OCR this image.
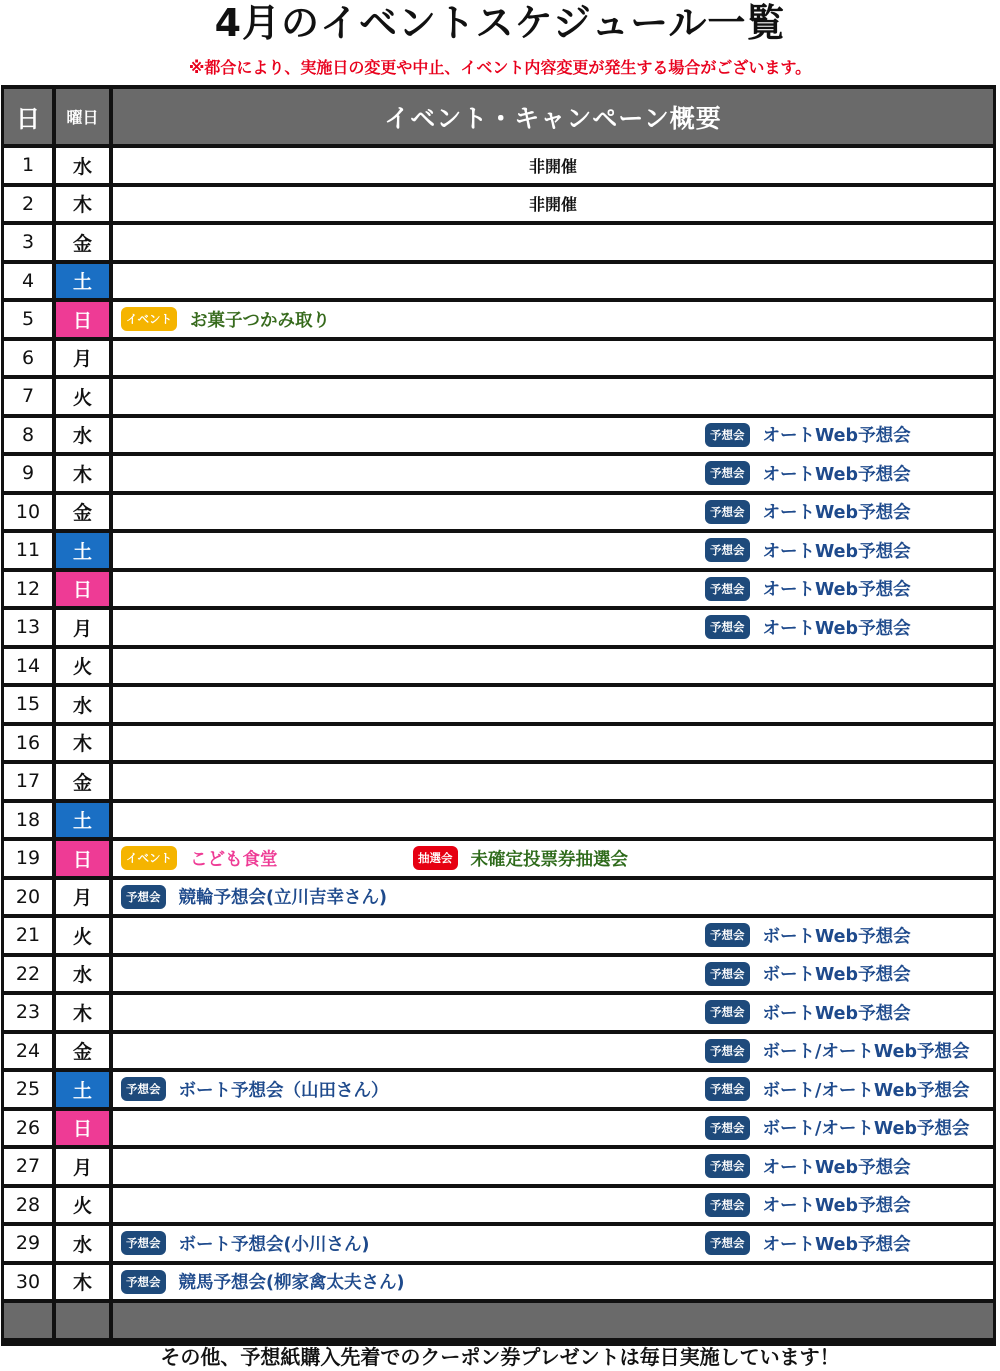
4月のイベントスケジュール一覧
※都合により、実施日の変更や中止、イベント内容変更が発生する場合がございます。
日	曜日	イベント・キャンペーン概要
1	水	非開催
2	木	非開催
3	金
4	土
5	日	イベント お菓子つかみ取り
6	月
7	火
8	水	予想会 オートWeb予想会
9	木	予想会 オートWeb予想会
10	金	予想会 オートWeb予想会
11	土	予想会 オートWeb予想会
12	日	予想会 オートWeb予想会
13	月	予想会 オートWeb予想会
14	火
15	水
16	木
17	金
18	土
19	日	イベント こども食堂	抽選会 未確定投票券抽選会
20	月	予想会 競輪予想会(立川吉幸さん)
21	火	予想会 ボートWeb予想会
22	水	予想会 ボートWeb予想会
23	木	予想会 ボートWeb予想会
24	金	予想会 ボート/オートWeb予想会
25	土	予想会 ボート予想会（山田さん）	予想会 ボート/オートWeb予想会
26	日	予想会 ボート/オートWeb予想会
27	月	予想会 オートWeb予想会
28	火	予想会 オートWeb予想会
29	水	予想会 ボート予想会(小川さん)	予想会 オートWeb予想会
30	木	予想会 競馬予想会(柳家禽太夫さん)
その他、予想紙購入先着でのクーポン券プレゼントは毎日実施しています！
